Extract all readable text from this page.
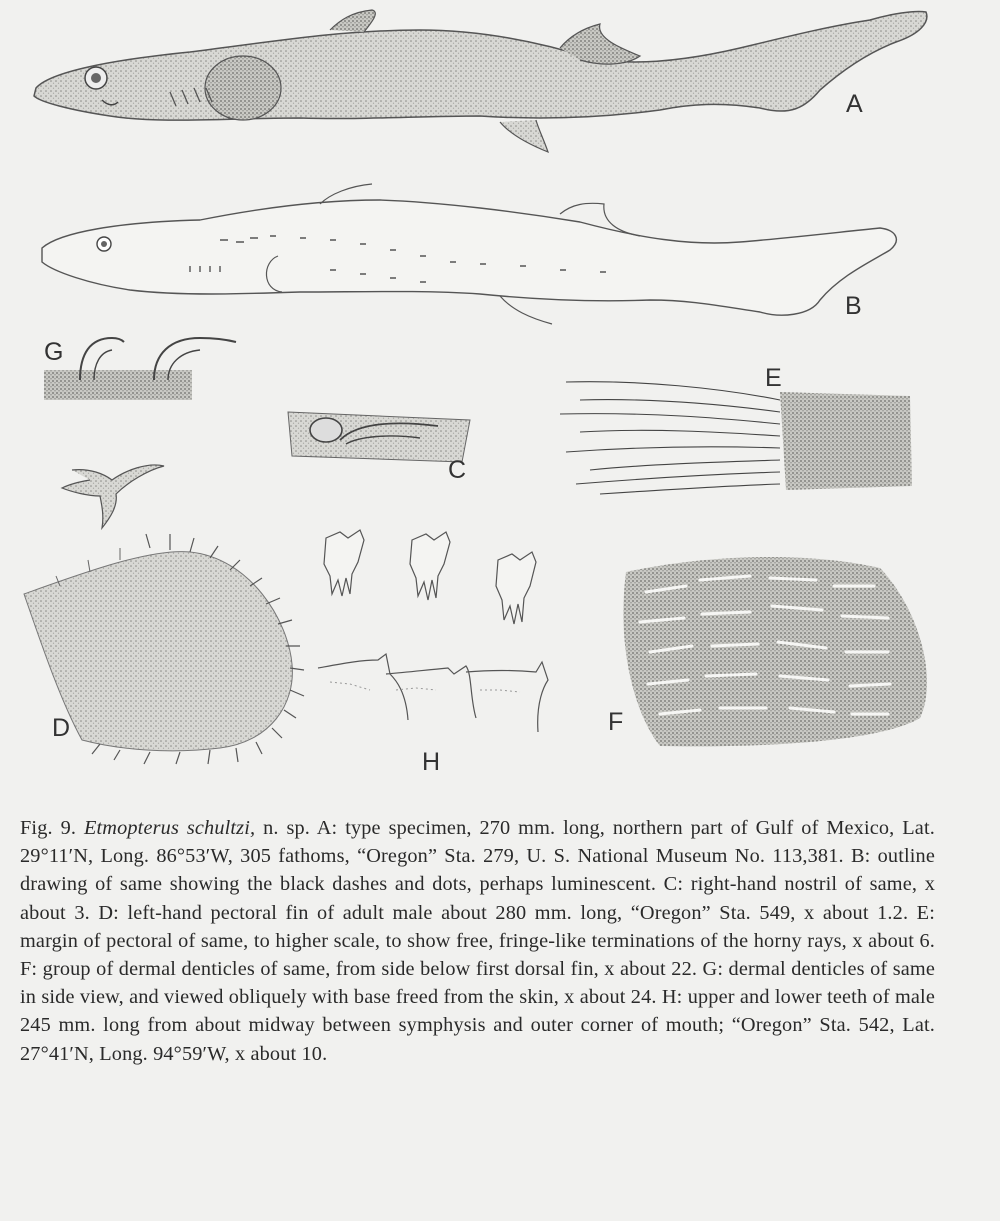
A
B
G
C
E
D
H
F
Fig. 9. Etmopterus schultzi, n. sp. A: type specimen, 270 mm. long, northern part of Gulf of Mexico, Lat. 29°11′N, Long. 86°53′W, 305 fathoms, “Oregon” Sta. 279, U. S. National Museum No. 113,381. B: outline drawing of same showing the black dashes and dots, perhaps luminescent. C: right-hand nostril of same, x about 3. D: left-hand pectoral fin of adult male about 280 mm. long, “Oregon” Sta. 549, x about 1.2. E: margin of pectoral of same, to higher scale, to show free, fringe-like terminations of the horny rays, x about 6. F: group of dermal denticles of same, from side below first dorsal fin, x about 22. G: dermal denticles of same in side view, and viewed obliquely with base freed from the skin, x about 24. H: upper and lower teeth of male 245 mm. long from about midway between symphysis and outer corner of mouth; “Oregon” Sta. 542, Lat. 27°41′N, Long. 94°59′W, x about 10.
